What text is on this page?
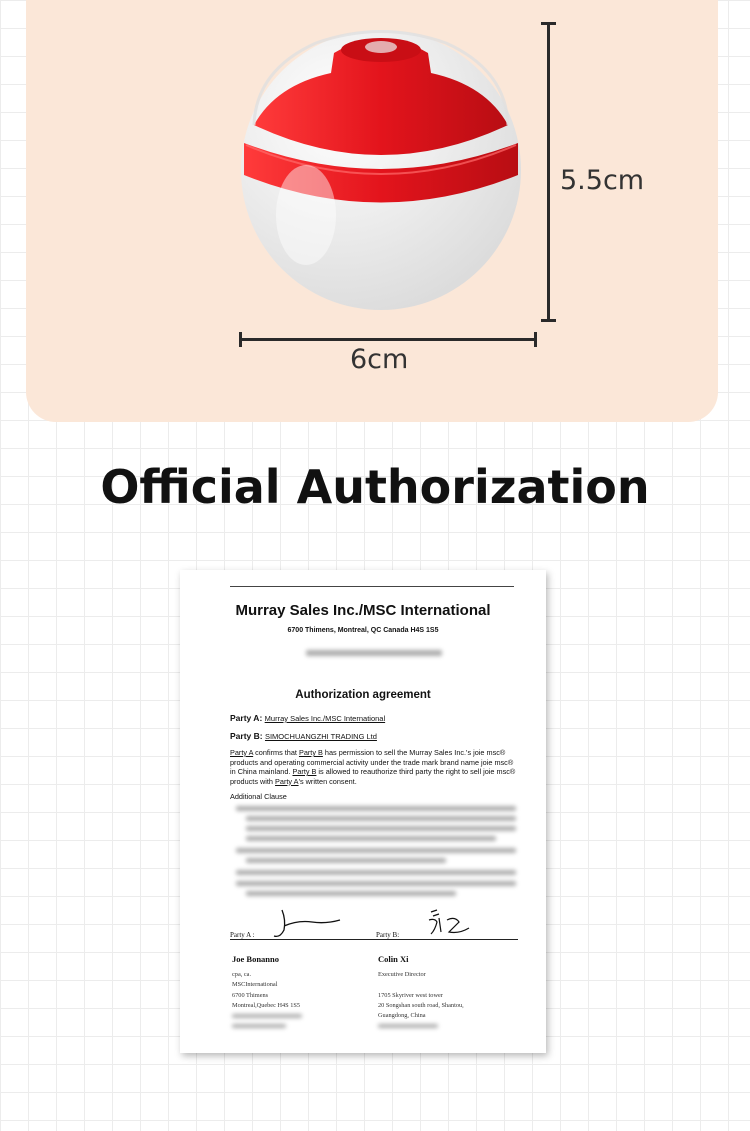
5.5cm
6cm
Official Authorization
Murray Sales Inc./MSC International
6700 Thimens, Montreal, QC Canada H4S 1S5
Authorization agreement
Party A: Murray Sales Inc./MSC International
Party B: SIMOCHUANGZHI TRADING Ltd
Party A confirms that Party B has permission to sell the Murray Sales Inc.'s joie msc® products and operating commercial activity under the trade mark brand name joie msc® in China mainland. Party B is allowed to reauthorize third party the right to sell joie msc® products with Party A's written consent.
Additional Clause
Party A :	Party B:
Joe Bonanno
cpa, ca.
MSCInternational
6700 Thimens
Montreal,Quebec H4S 1S5
Colin Xi
Executive Director
1705 Skyriver west tower
20 Songshan south road, Shantou,
Guangdong, China
